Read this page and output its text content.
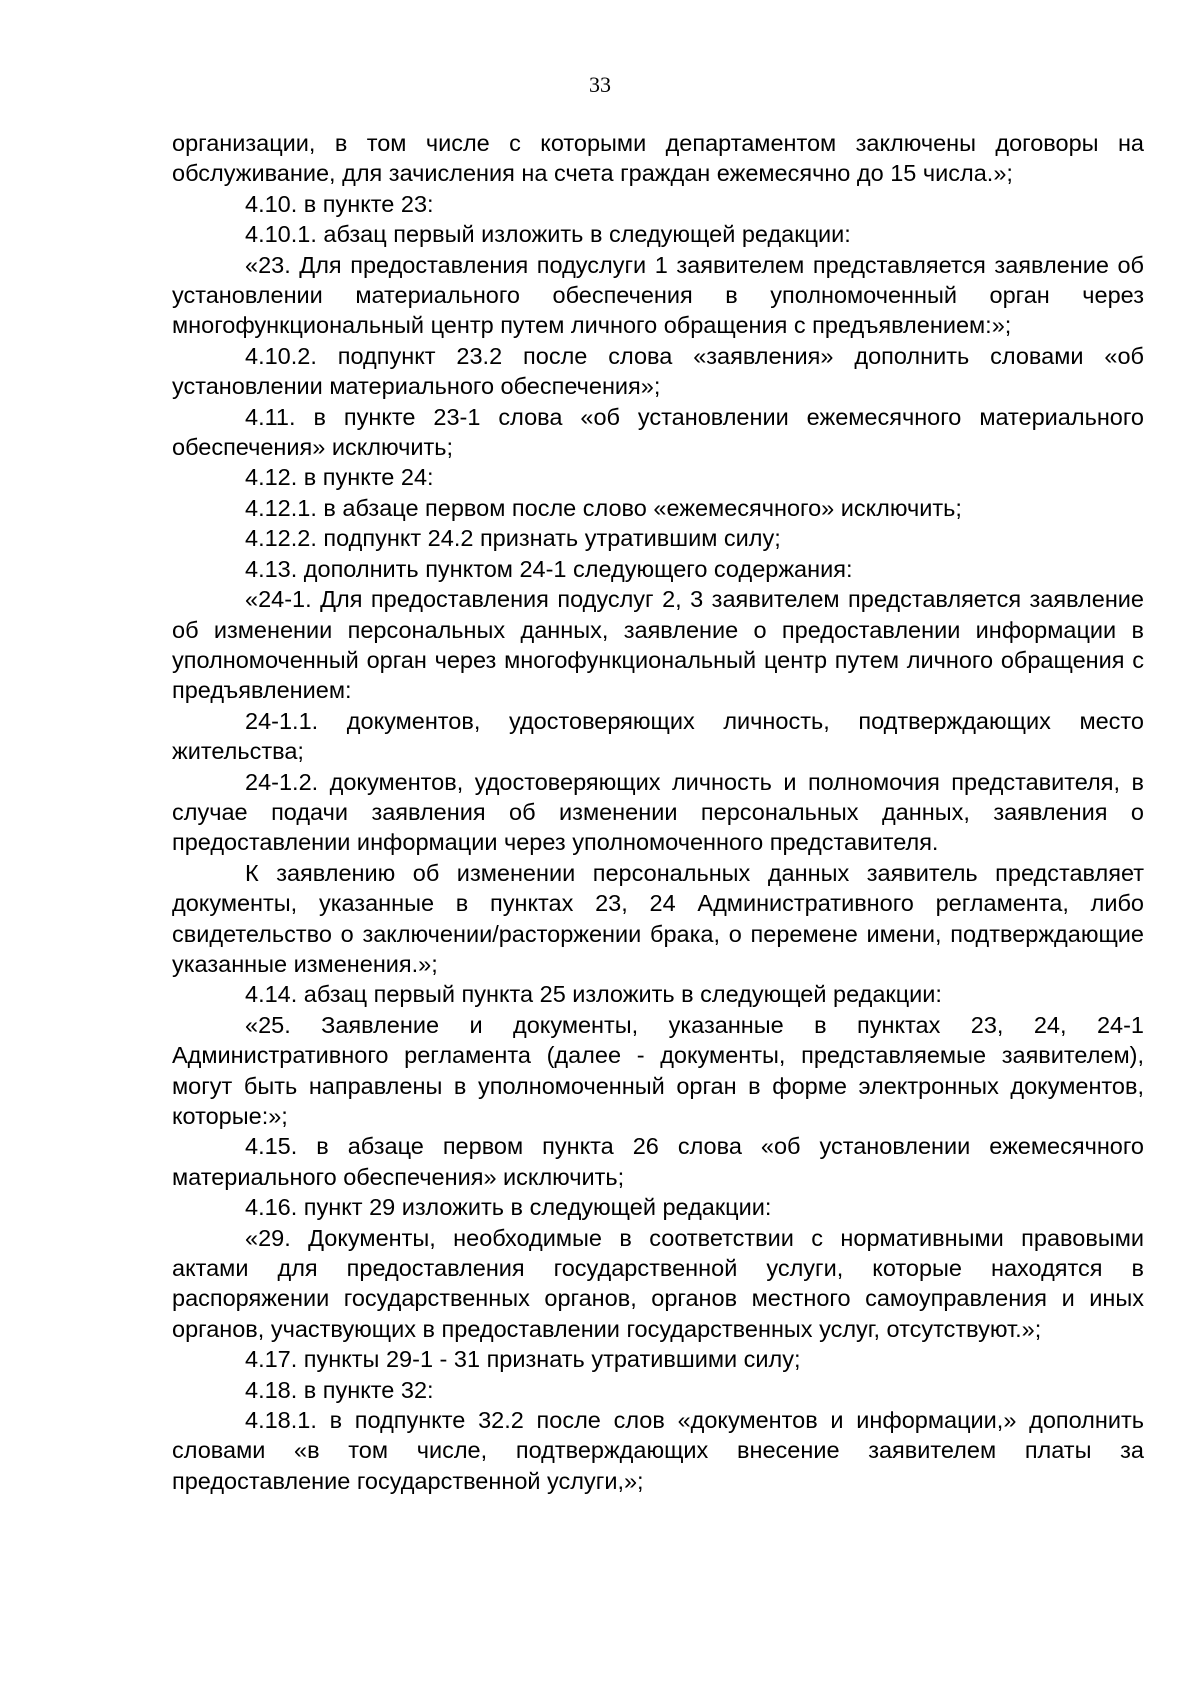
33

организации, в том числе с которыми департаментом заключены договоры на обслуживание, для зачисления на счета граждан ежемесячно до 15 числа.»;

4.10. в пункте 23:

4.10.1. абзац первый изложить в следующей редакции:

«23. Для предоставления подуслуги 1 заявителем представляется заявление об установлении материального обеспечения в уполномоченный орган через многофункциональный центр путем личного обращения с предъявлением:»;

4.10.2. подпункт 23.2 после слова «заявления» дополнить словами «об установлении материального обеспечения»;

4.11. в пункте 23-1 слова «об установлении ежемесячного материального обеспечения» исключить;

4.12. в пункте 24:

4.12.1. в абзаце первом после слово «ежемесячного» исключить;

4.12.2. подпункт 24.2 признать утратившим силу;

4.13. дополнить пунктом 24-1 следующего содержания:

«24-1. Для предоставления подуслуг 2, 3 заявителем представляется заявление об изменении персональных данных, заявление о предоставлении информации в уполномоченный орган через многофункциональный центр путем личного обращения с предъявлением:

24-1.1. документов, удостоверяющих личность, подтверждающих место жительства;

24-1.2. документов, удостоверяющих личность и полномочия представителя, в случае подачи заявления об изменении персональных данных, заявления о предоставлении информации через уполномоченного представителя.

К заявлению об изменении персональных данных заявитель представляет документы, указанные в пунктах 23, 24 Административного регламента, либо свидетельство о заключении/расторжении брака, о перемене имени, подтверждающие указанные изменения.»;

4.14. абзац первый пункта 25 изложить в следующей редакции:

«25. Заявление и документы, указанные в пунктах 23, 24, 24-1 Административного регламента (далее - документы, представляемые заявителем), могут быть направлены в уполномоченный орган в форме электронных документов, которые:»;

4.15. в абзаце первом пункта 26 слова «об установлении ежемесячного материального обеспечения» исключить;

4.16. пункт 29 изложить в следующей редакции:

«29. Документы, необходимые в соответствии с нормативными правовыми актами для предоставления государственной услуги, которые находятся в распоряжении государственных органов, органов местного самоуправления и иных органов, участвующих в предоставлении государственных услуг, отсутствуют.»;

4.17. пункты 29-1 - 31 признать утратившими силу;

4.18. в пункте 32:

4.18.1. в подпункте 32.2 после слов «документов и информации,» дополнить словами «в том числе, подтверждающих внесение заявителем платы за предоставление государственной услуги,»;
